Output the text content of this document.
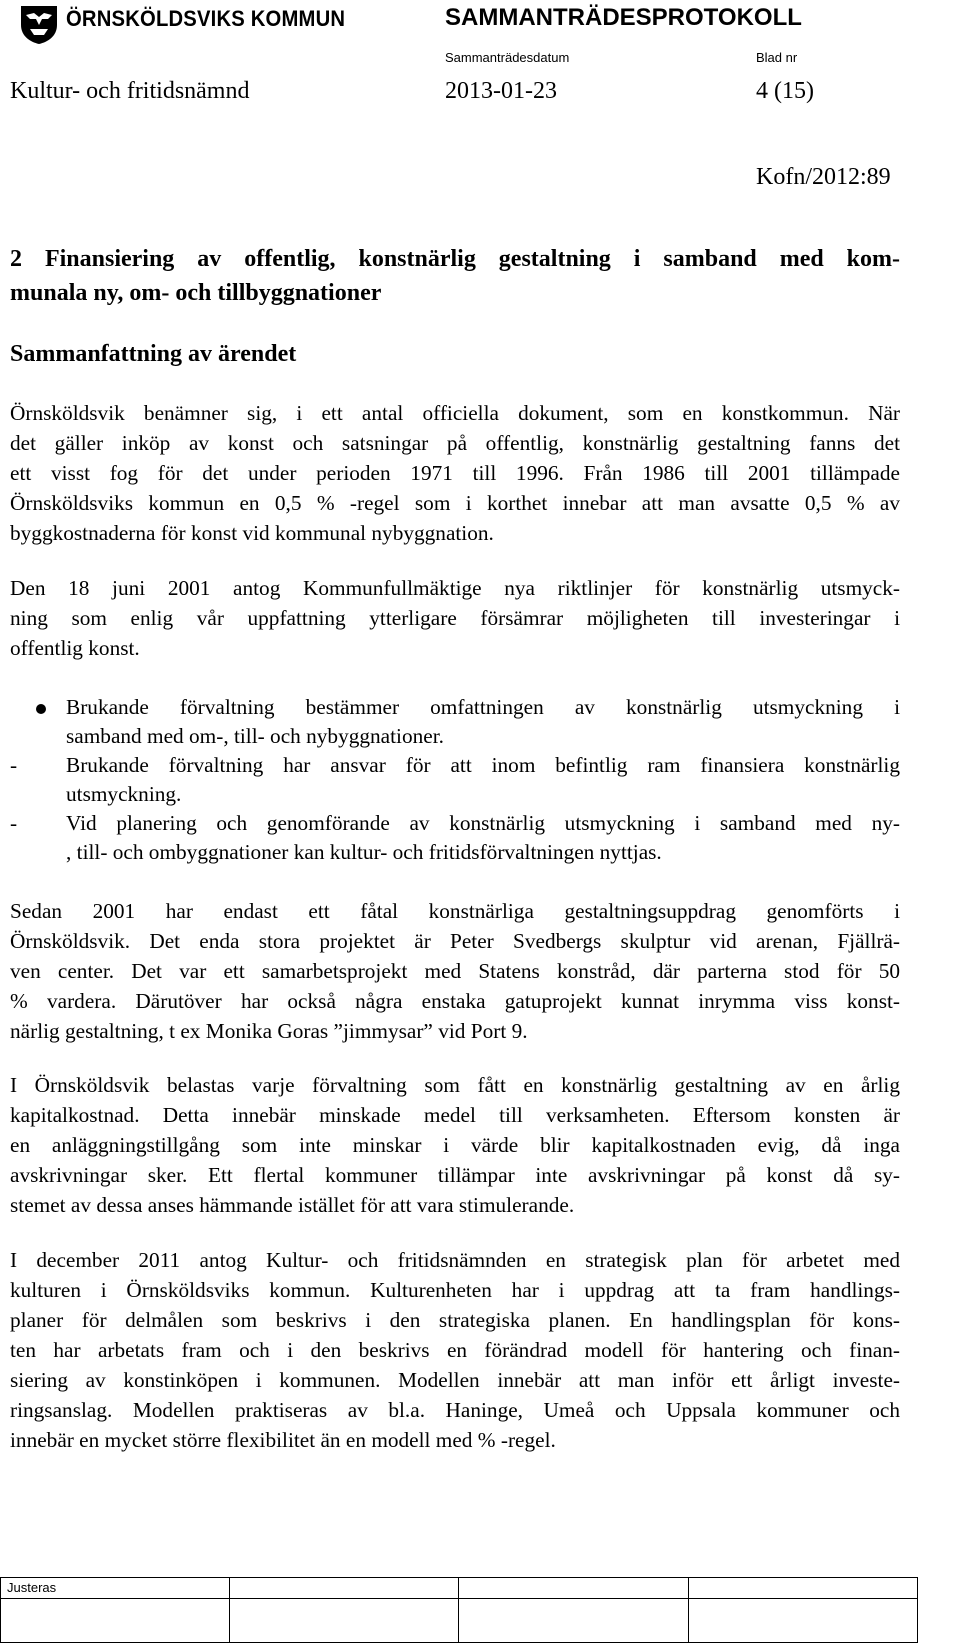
ÖRNSKÖLDSVIKS KOMMUN	SAMMANTRÄDESPROTOKOLL
Sammanträdesdatum	Blad nr
Kultur- och fritidsnämnd	2013-01-23	4 (15)
Kofn/2012:89
2 Finansiering av offentlig, konstnärlig gestaltning i samband med kom-
munala ny, om- och tillbyggnationer
Sammanfattning av ärendet
Örnsköldsvik benämner sig, i ett antal officiella dokument, som en konstkommun. När
det gäller inköp av konst och satsningar på offentlig, konstnärlig gestaltning fanns det
ett visst fog för det under perioden 1971 till 1996. Från 1986 till 2001 tillämpade
Örnsköldsviks kommun en 0,5 % -regel som i korthet innebar att man avsatte 0,5 % av
byggkostnaderna för konst vid kommunal nybyggnation.
Den 18 juni 2001 antog Kommunfullmäktige nya riktlinjer för konstnärlig utsmyck-
ning som enlig vår uppfattning ytterligare försämrar möjligheten till investeringar i
offentlig konst.
Brukande förvaltning bestämmer omfattningen av konstnärlig utsmyckning i
samband med om-, till- och nybyggnationer.
- Brukande förvaltning har ansvar för att inom befintlig ram finansiera konstnärlig
utsmyckning.
- Vid planering och genomförande av konstnärlig utsmyckning i samband med ny-
, till- och ombyggnationer kan kultur- och fritidsförvaltningen nyttjas.
Sedan 2001 har endast ett fåtal konstnärliga gestaltningsuppdrag genomförts i
Örnsköldsvik. Det enda stora projektet är Peter Svedbergs skulptur vid arenan, Fjällrä-
ven center. Det var ett samarbetsprojekt med Statens konstråd, där parterna stod för 50
% vardera. Därutöver har också några enstaka gatuprojekt kunnat inrymma viss konst-
närlig gestaltning, t ex Monika Goras ”jimmysar” vid Port 9.
I Örnsköldsvik belastas varje förvaltning som fått en konstnärlig gestaltning av en årlig
kapitalkostnad. Detta innebär minskade medel till verksamheten. Eftersom konsten är
en anläggningstillgång som inte minskar i värde blir kapitalkostnaden evig, då inga
avskrivningar sker. Ett flertal kommuner tillämpar inte avskrivningar på konst då sy-
stemet av dessa anses hämmande istället för att vara stimulerande.
I december 2011 antog Kultur- och fritidsnämnden en strategisk plan för arbetet med
kulturen i Örnsköldsviks kommun. Kulturenheten har i uppdrag att ta fram handlings-
planer för delmålen som beskrivs i den strategiska planen. En handlingsplan för kons-
ten har arbetats fram och i den beskrivs en förändrad modell för hantering och finan-
siering av konstinköpen i kommunen. Modellen innebär att man inför ett årligt investe-
ringsanslag. Modellen praktiseras av bl.a. Haninge, Umeå och Uppsala kommuner och
innebär en mycket större flexibilitet än en modell med % -regel.
Justeras
